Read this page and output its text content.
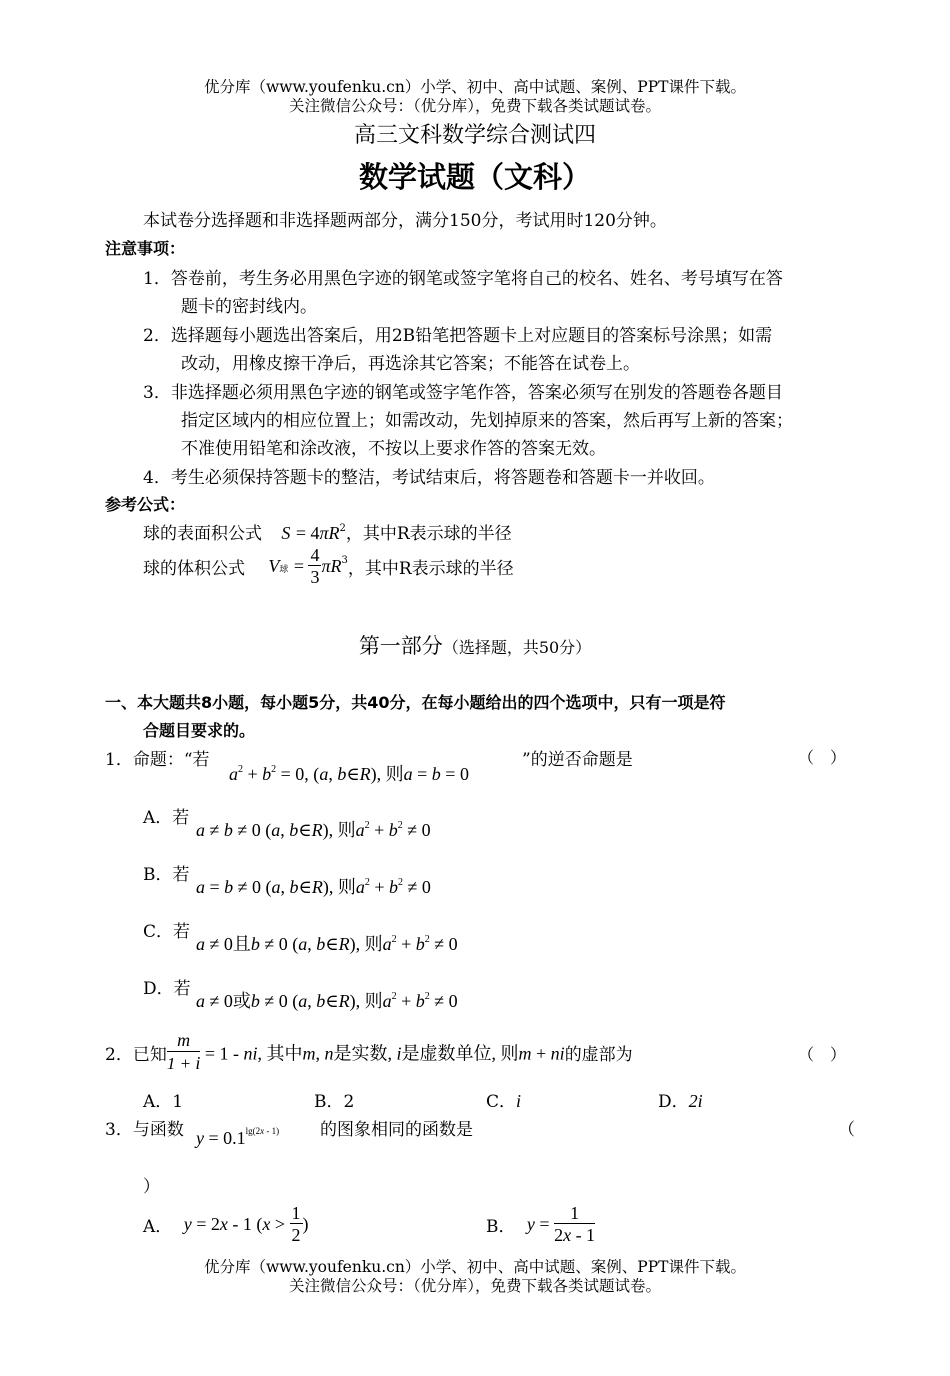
优分库（www.youfenku.cn）小学、初中、高中试题、案例、PPT课件下载。
关注微信公众号：（优分库），免费下载各类试题试卷。
高三文科数学综合测试四
数学试题（文科）
本试卷分选择题和非选择题两部分，满分150分，考试用时120分钟。
注意事项：
1．答卷前，考生务必用黑色字迹的钢笔或签字笔将自己的校名、姓名、考号填写在答
题卡的密封线内。
2．选择题每小题选出答案后，用2B铅笔把答题卡上对应题目的答案标号涂黑；如需
改动，用橡皮擦干净后，再选涂其它答案；不能答在试卷上。
3．非选择题必须用黑色字迹的钢笔或签字笔作答，答案必须写在别发的答题卷各题目
指定区域内的相应位置上；如需改动，先划掉原来的答案，然后再写上新的答案；
不准使用铅笔和涂改液，不按以上要求作答的答案无效。
4．考生必须保持答题卡的整洁，考试结束后，将答题卷和答题卡一并收回。
参考公式：
球的表面积公式 $S = 4\pi R^2$，其中R表示球的半径
球的体积公式 V球 = $\frac{4}{3} \pi R^3$，其中R表示球的半径
第一部分（选择题，共50分）
一、本大题共8小题，每小题5分，共40分，在每小题给出的四个选项中，只有一项是符
合题目要求的。
1．命题：“若
$a^2 + b^2 = 0$, (a, b∈R), 则a = b = 0
”的逆否命题是	（　）
A．若
a ≠ b ≠ 0 (a, b∈R), 则$a^2 + b^2 \ne 0$
B．若
a = b ≠ 0 (a, b∈R), 则$a^2 + b^2 \ne 0$
C．若
a ≠ 0且b ≠ 0 (a, b∈R), 则$a^2 + b^2 \ne 0$
D．若
a ≠ 0或b ≠ 0 (a, b∈R), 则$a^2 + b^2 \ne 0$
2．已知 $\frac{m}{1 + i} = 1$ - ni, 其中m, n是实数, i是虚数单位, 则m + ni的虚部为	（　）
A．1	B．2	C．i	D．2i
3．与函数 $y = 0.1^{lg(2x - 1)}$ 的图象相同的函数是	（
）
A． y = 2x - 1 ($x > \frac{1}{2}$ )	B． $y = \frac{1}{2x - 1}$
优分库（www.youfenku.cn）小学、初中、高中试题、案例、PPT课件下载。
关注微信公众号：（优分库），免费下载各类试题试卷。
